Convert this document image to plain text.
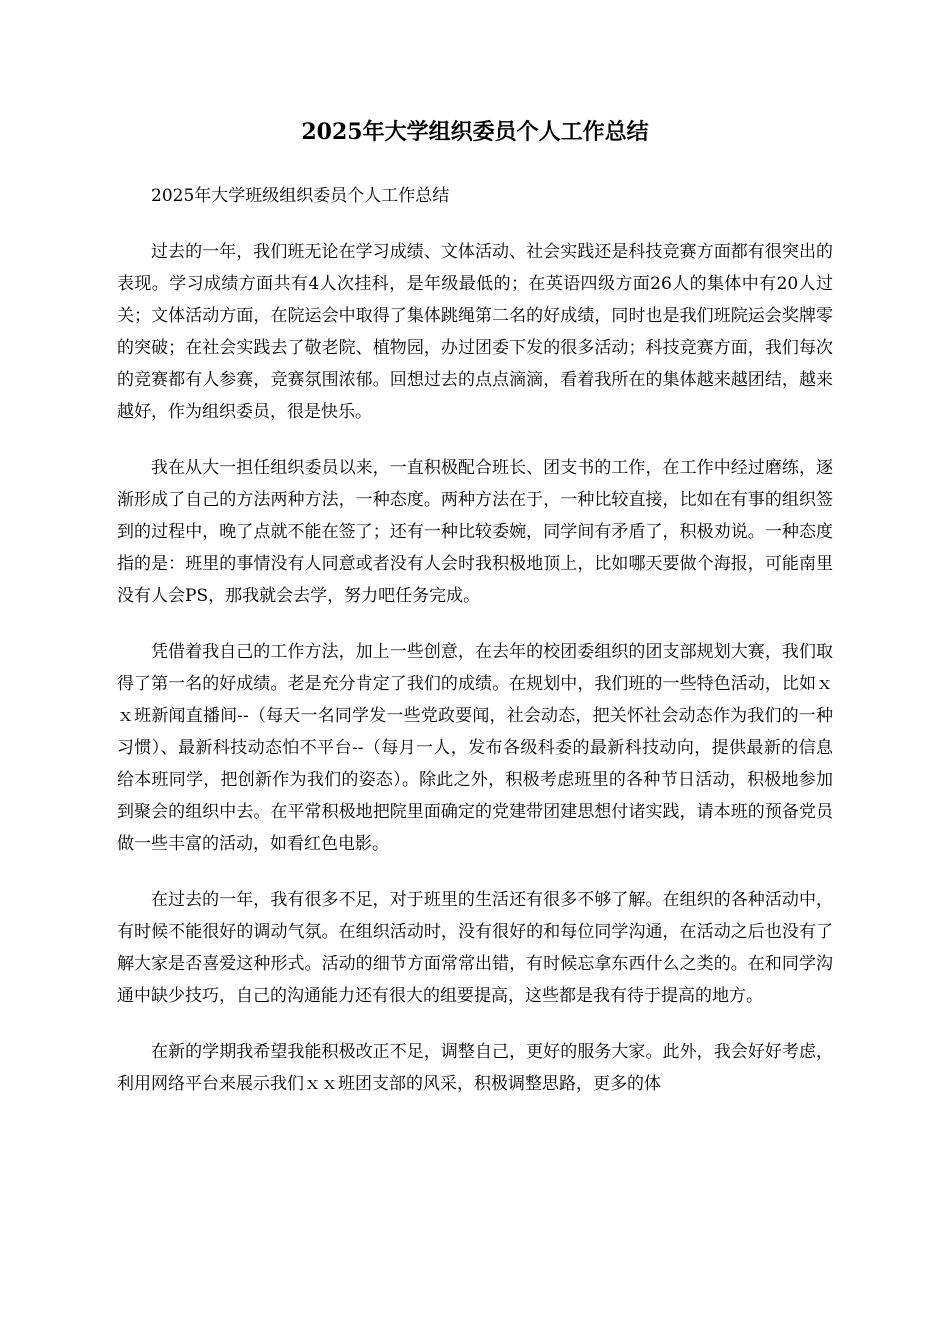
2025年大学组织委员个人工作总结

2025年大学班级组织委员个人工作总结

过去的一年，我们班无论在学习成绩、文体活动、社会实践还是科技竞赛方面都有很突出的表现。学习成绩方面共有4人次挂科，是年级最低的；在英语四级方面26人的集体中有20人过关；文体活动方面，在院运会中取得了集体跳绳第二名的好成绩，同时也是我们班院运会奖牌零的突破；在社会实践去了敬老院、植物园，办过团委下发的很多活动；科技竞赛方面，我们每次的竞赛都有人参赛，竞赛氛围浓郁。回想过去的点点滴滴，看着我所在的集体越来越团结，越来越好，作为组织委员，很是快乐。

我在从大一担任组织委员以来，一直积极配合班长、团支书的工作，在工作中经过磨练，逐渐形成了自己的方法两种方法，一种态度。两种方法在于，一种比较直接，比如在有事的组织签到的过程中，晚了点就不能在签了；还有一种比较委婉，同学间有矛盾了，积极劝说。一种态度指的是：班里的事情没有人同意或者没有人会时我积极地顶上，比如哪天要做个海报，可能南里没有人会PS，那我就会去学，努力吧任务完成。

凭借着我自己的工作方法，加上一些创意，在去年的校团委组织的团支部规划大赛，我们取得了第一名的好成绩。老是充分肯定了我们的成绩。在规划中，我们班的一些特色活动，比如ｘｘ班新闻直播间--（每天一名同学发一些党政要闻，社会动态，把关怀社会动态作为我们的一种习惯）、最新科技动态怕不平台--（每月一人，发布各级科委的最新科技动向，提供最新的信息给本班同学，把创新作为我们的姿态）。除此之外，积极考虑班里的各种节日活动，积极地参加到聚会的组织中去。在平常积极地把院里面确定的党建带团建思想付诸实践，请本班的预备党员做一些丰富的活动，如看红色电影。

在过去的一年，我有很多不足，对于班里的生活还有很多不够了解。在组织的各种活动中，有时候不能很好的调动气氛。在组织活动时，没有很好的和每位同学沟通，在活动之后也没有了解大家是否喜爱这种形式。活动的细节方面常常出错，有时候忘拿东西什么之类的。在和同学沟通中缺少技巧，自己的沟通能力还有很大的组要提高，这些都是我有待于提高的地方。

在新的学期我希望我能积极改正不足，调整自己，更好的服务大家。此外，我会好好考虑，利用网络平台来展示我们ｘｘ班团支部的风采，积极调整思路，更多的体
